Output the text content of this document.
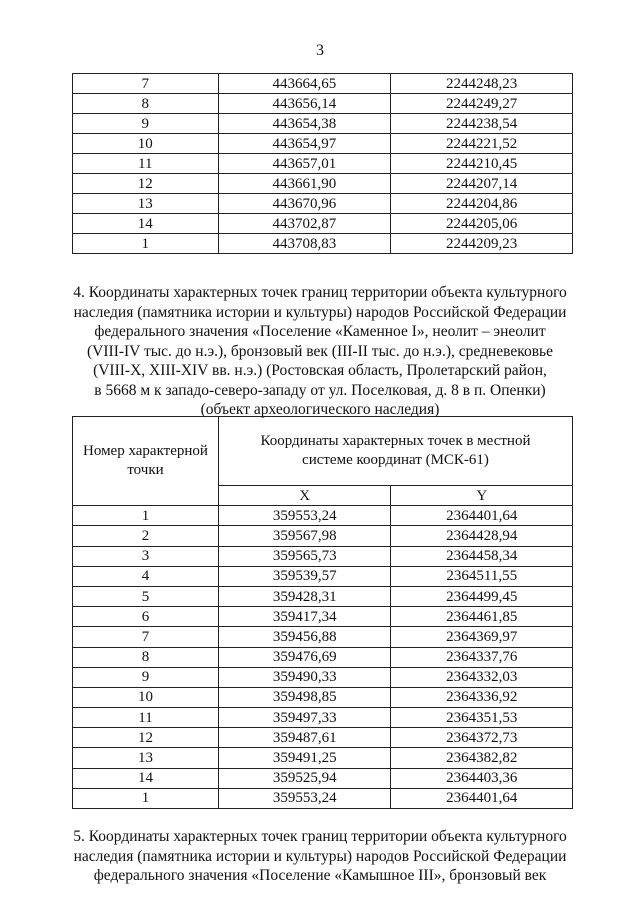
3
7	443664,65	2244248,23
8	443656,14	2244249,27
9	443654,38	2244238,54
10	443654,97	2244221,52
11	443657,01	2244210,45
12	443661,90	2244207,14
13	443670,96	2244204,86
14	443702,87	2244205,06
1	443708,83	2244209,23
4. Координаты характерных точек границ территории объекта культурного
наследия (памятника истории и культуры) народов Российской Федерации
федерального значения «Поселение «Каменное I», неолит – энеолит
(VIII-IV тыс. до н.э.), бронзовый век (III-II тыс. до н.э.), средневековье
(VIII-X, XIII-XIV вв. н.э.) (Ростовская область, Пролетарский район,
в 5668 м к западо-северо-западу от ул. Поселковая, д. 8 в п. Опенки)
(объект археологического наследия)
Номер характерной точки	Координаты характерных точек в местной системе координат (МСК-61)	
	X	Y
1	359553,24	2364401,64
2	359567,98	2364428,94
3	359565,73	2364458,34
4	359539,57	2364511,55
5	359428,31	2364499,45
6	359417,34	2364461,85
7	359456,88	2364369,97
8	359476,69	2364337,76
9	359490,33	2364332,03
10	359498,85	2364336,92
11	359497,33	2364351,53
12	359487,61	2364372,73
13	359491,25	2364382,82
14	359525,94	2364403,36
1	359553,24	2364401,64
5. Координаты характерных точек границ территории объекта культурного
наследия (памятника истории и культуры) народов Российской Федерации
федерального значения «Поселение «Камышное III», бронзовый век
